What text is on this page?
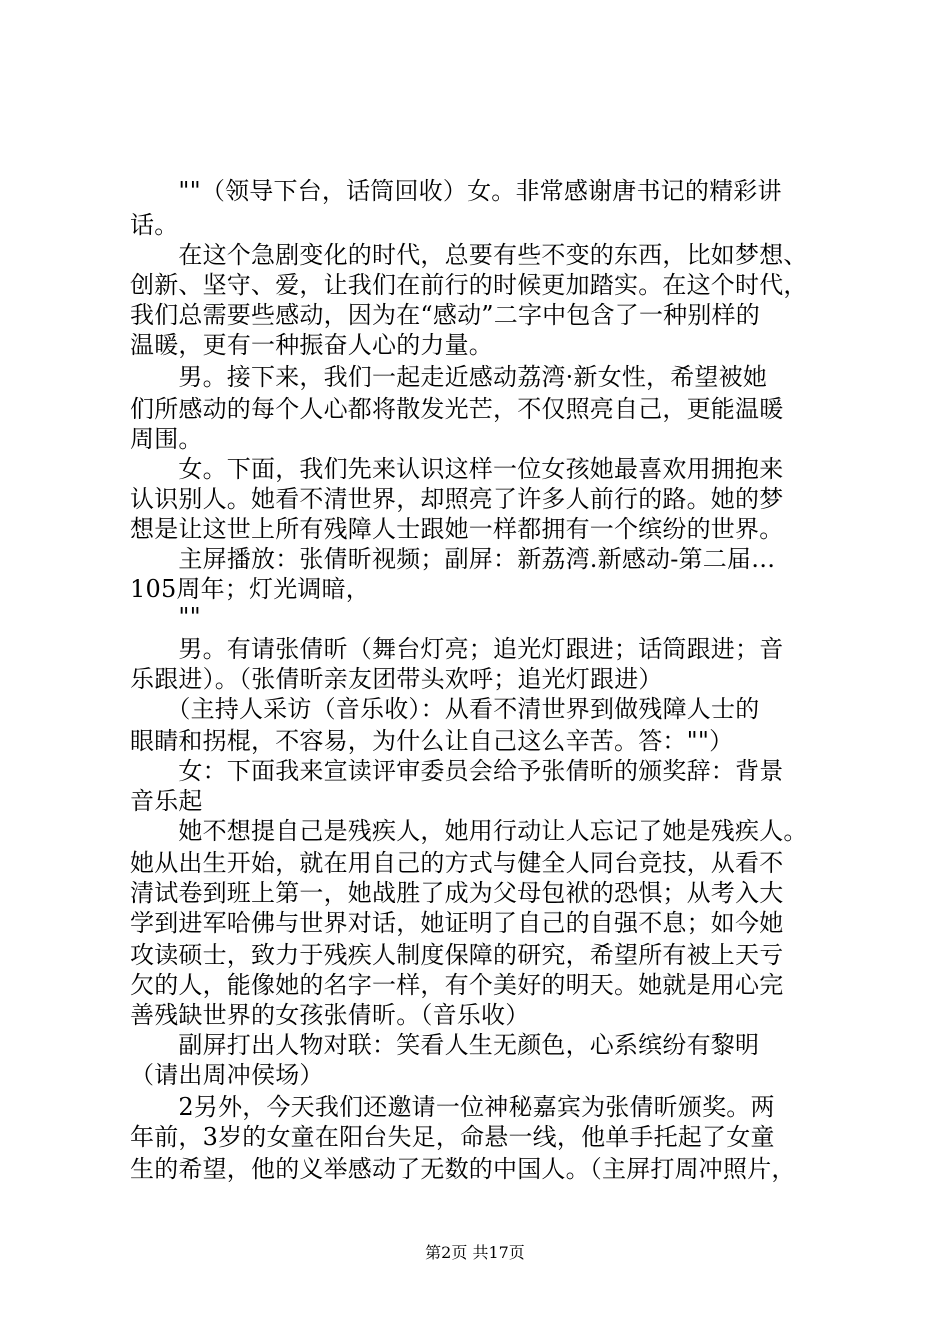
　　""（领导下台，话筒回收）女。非常感谢唐书记的精彩讲
话。
　　在这个急剧变化的时代，总要有些不变的东西，比如梦想、
创新、坚守、爱，让我们在前行的时候更加踏实。在这个时代，
我们总需要些感动，因为在“感动”二字中包含了一种别样的
温暖，更有一种振奋人心的力量。
　　男。接下来，我们一起走近感动荔湾·新女性，希望被她
们所感动的每个人心都将散发光芒，不仅照亮自己，更能温暖
周围。
　　女。下面，我们先来认识这样一位女孩她最喜欢用拥抱来
认识别人。她看不清世界，却照亮了许多人前行的路。她的梦
想是让这世上所有残障人士跟她一样都拥有一个缤纷的世界。
　　主屏播放：张倩昕视频；副屏：新荔湾.新感动-第二届…
105周年；灯光调暗，
　　""
　　男。有请张倩昕（舞台灯亮；追光灯跟进；话筒跟进；音
乐跟进）。（张倩昕亲友团带头欢呼；追光灯跟进）
　　（主持人采访（音乐收）：从看不清世界到做残障人士的
眼睛和拐棍，不容易，为什么让自己这么辛苦。答：""）
　　女：下面我来宣读评审委员会给予张倩昕的颁奖辞：背景
音乐起
　　她不想提自己是残疾人，她用行动让人忘记了她是残疾人。
她从出生开始，就在用自己的方式与健全人同台竞技，从看不
清试卷到班上第一，她战胜了成为父母包袱的恐惧；从考入大
学到进军哈佛与世界对话，她证明了自己的自强不息；如今她
攻读硕士，致力于残疾人制度保障的研究，希望所有被上天亏
欠的人，能像她的名字一样，有个美好的明天。她就是用心完
善残缺世界的女孩张倩昕。（音乐收）
　　副屏打出人物对联：笑看人生无颜色，心系缤纷有黎明
（请出周冲侯场）
　　2另外，今天我们还邀请一位神秘嘉宾为张倩昕颁奖。两
年前，3岁的女童在阳台失足，命悬一线，他单手托起了女童
生的希望，他的义举感动了无数的中国人。（主屏打周冲照片，
第2页 共17页
